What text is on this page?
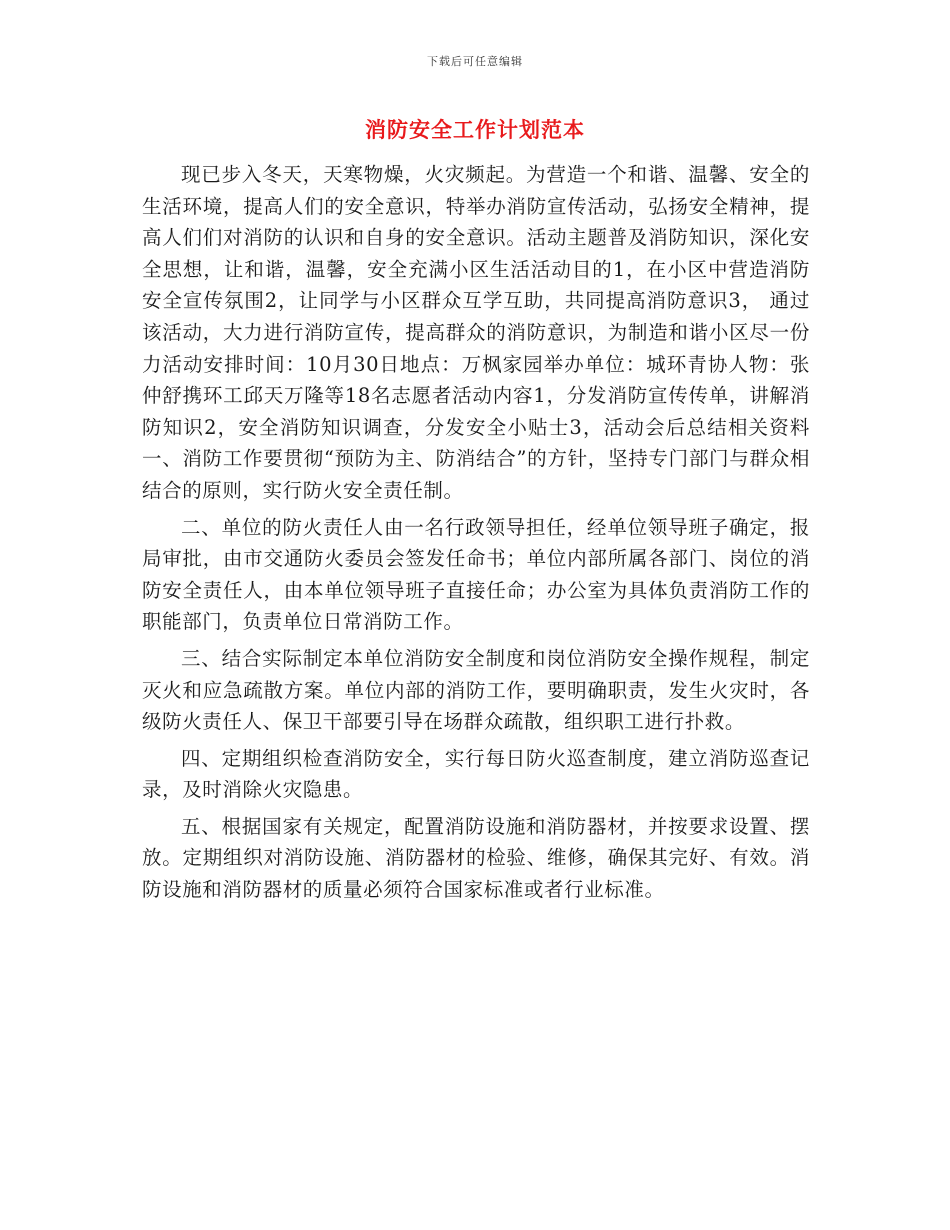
下载后可任意编辑
消防安全工作计划范本

现已步入冬天，天寒物燥，火灾频起。为营造一个和谐、温馨、安全的生活环境，提高人们的安全意识，特举办消防宣传活动，弘扬安全精神，提高人们们对消防的认识和自身的安全意识。活动主题普及消防知识，深化安全思想，让和谐，温馨，安全充满小区生活活动目的1，在小区中营造消防安全宣传氛围2，让同学与小区群众互学互助，共同提高消防意识3， 通过该活动，大力进行消防宣传，提高群众的消防意识，为制造和谐小区尽一份力活动安排时间：10月30日地点：万枫家园举办单位：城环青协人物：张仲舒携环工邱天万隆等18名志愿者活动内容1，分发消防宣传传单，讲解消防知识2，安全消防知识调查，分发安全小贴士3，活动会后总结相关资料一、消防工作要贯彻“预防为主、防消结合”的方针，坚持专门部门与群众相结合的原则，实行防火安全责任制。

二、单位的防火责任人由一名行政领导担任，经单位领导班子确定，报局审批，由市交通防火委员会签发任命书；单位内部所属各部门、岗位的消防安全责任人，由本单位领导班子直接任命；办公室为具体负责消防工作的职能部门，负责单位日常消防工作。

三、结合实际制定本单位消防安全制度和岗位消防安全操作规程，制定灭火和应急疏散方案。单位内部的消防工作，要明确职责，发生火灾时，各级防火责任人、保卫干部要引导在场群众疏散，组织职工进行扑救。

四、定期组织检查消防安全，实行每日防火巡查制度，建立消防巡查记录，及时消除火灾隐患。

五、根据国家有关规定，配置消防设施和消防器材，并按要求设置、摆放。定期组织对消防设施、消防器材的检验、维修，确保其完好、有效。消防设施和消防器材的质量必须符合国家标准或者行业标准。
